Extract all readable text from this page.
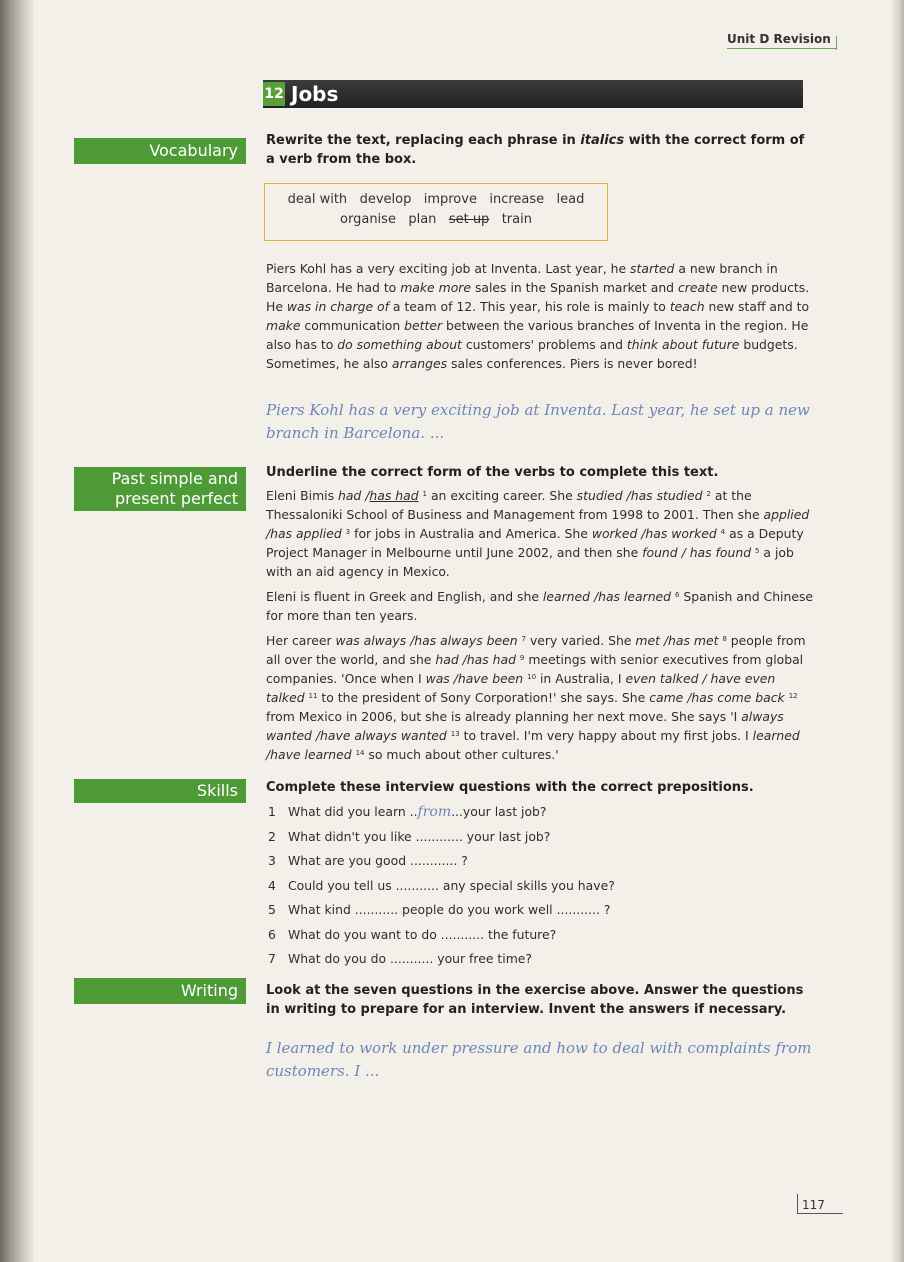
Unit D Revision
12 Jobs
Vocabulary
Rewrite the text, replacing each phrase in italics with the correct form of a verb from the box.
deal with   develop   improve   increase   lead
organise   plan   set up   train

Piers Kohl has a very exciting job at Inventa. Last year, he started a new branch in Barcelona. He had to make more sales in the Spanish market and create new products. He was in charge of a team of 12. This year, his role is mainly to teach new staff and to make communication better between the various branches of Inventa in the region. He also has to do something about customers' problems and think about future budgets. Sometimes, he also arranges sales conferences. Piers is never bored!

Piers Kohl has a very exciting job at Inventa. Last year, he set up a new branch in Barcelona. ...
Past simple and
present perfect
Underline the correct form of the verbs to complete this text.

Eleni Bimis had /has had $^1$ an exciting career. She studied /has studied $^2$ at the Thessaloniki School of Business and Management from 1998 to 2001. Then she applied /has applied $^3$ for jobs in Australia and America. She worked /has worked $^4$ as a Deputy Project Manager in Melbourne until June 2002, and then she found / has found $^5$ a job with an aid agency in Mexico.

Eleni is fluent in Greek and English, and she learned /has learned $^6$ Spanish and Chinese for more than ten years.

Her career was always /has always been $^7$ very varied. She met /has met $^8$ people from all over the world, and she had /has had $^9$ meetings with senior executives from global companies. 'Once when I was /have been $^{10}$ in Australia, I even talked / have even talked $^{11}$ to the president of Sony Corporation!' she says. She came /has come back $^{12}$ from Mexico in 2006, but she is already planning her next move. She says 'I always wanted /have always wanted $^{13}$ to travel. I'm very happy about my first jobs. I learned /have learned $^{14}$ so much about other cultures.'

Skills Complete these interview questions with the correct prepositions.
1 What did you learn ..from...your last job?
2 What didn't you like ............ your last job?
3 What are you good ............ ?
4 Could you tell us ........... any special skills you have?
5 What kind ........... people do you work well ........... ?
6 What do you want to do ........... the future?
7 What do you do ........... your free time?
Writing Look at the seven questions in the exercise above. Answer the questions in writing to prepare for an interview. Invent the answers if necessary.
I learned to work under pressure and how to deal with complaints from customers. I ...
117
